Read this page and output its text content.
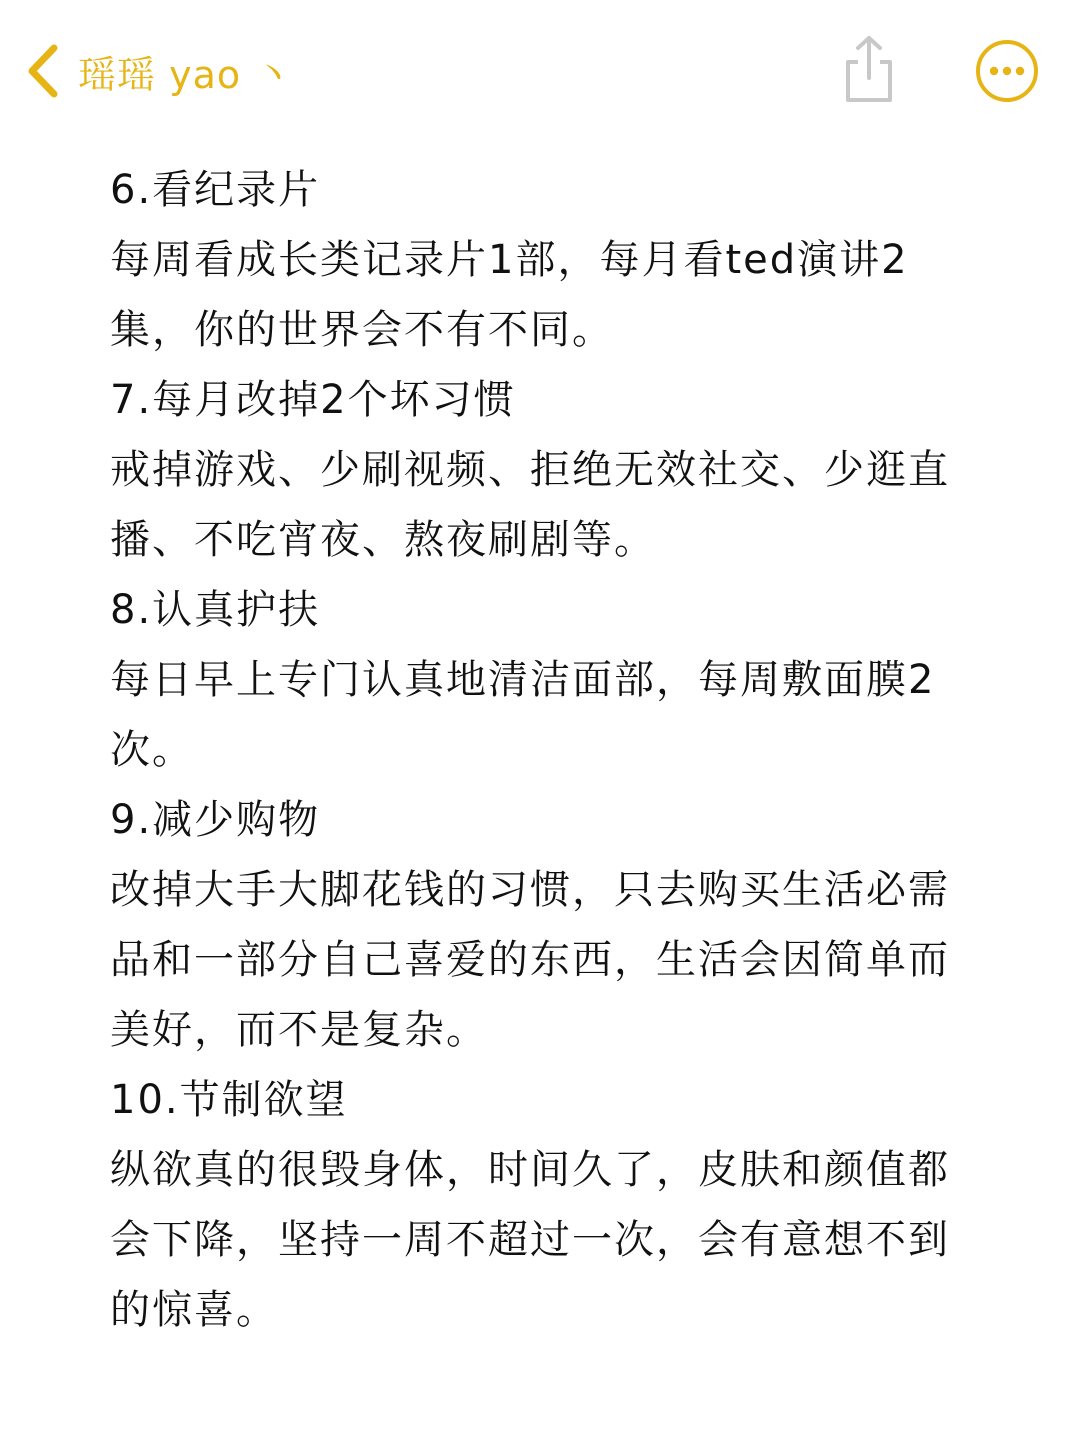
瑶瑶 yao 丶

6.看纪录片

每周看成长类记录片1部，每月看ted演讲2

集，你的世界会不有不同。

7.每月改掉2个坏习惯

戒掉游戏、少刷视频、拒绝无效社交、少逛直

播、不吃宵夜、熬夜刷剧等。

8.认真护扶

每日早上专门认真地清洁面部，每周敷面膜2

次。

9.减少购物

改掉大手大脚花钱的习惯，只去购买生活必需

品和一部分自己喜爱的东西，生活会因简单而

美好，而不是复杂。

10.节制欲望

纵欲真的很毁身体，时间久了，皮肤和颜值都

会下降，坚持一周不超过一次，会有意想不到

的惊喜。
